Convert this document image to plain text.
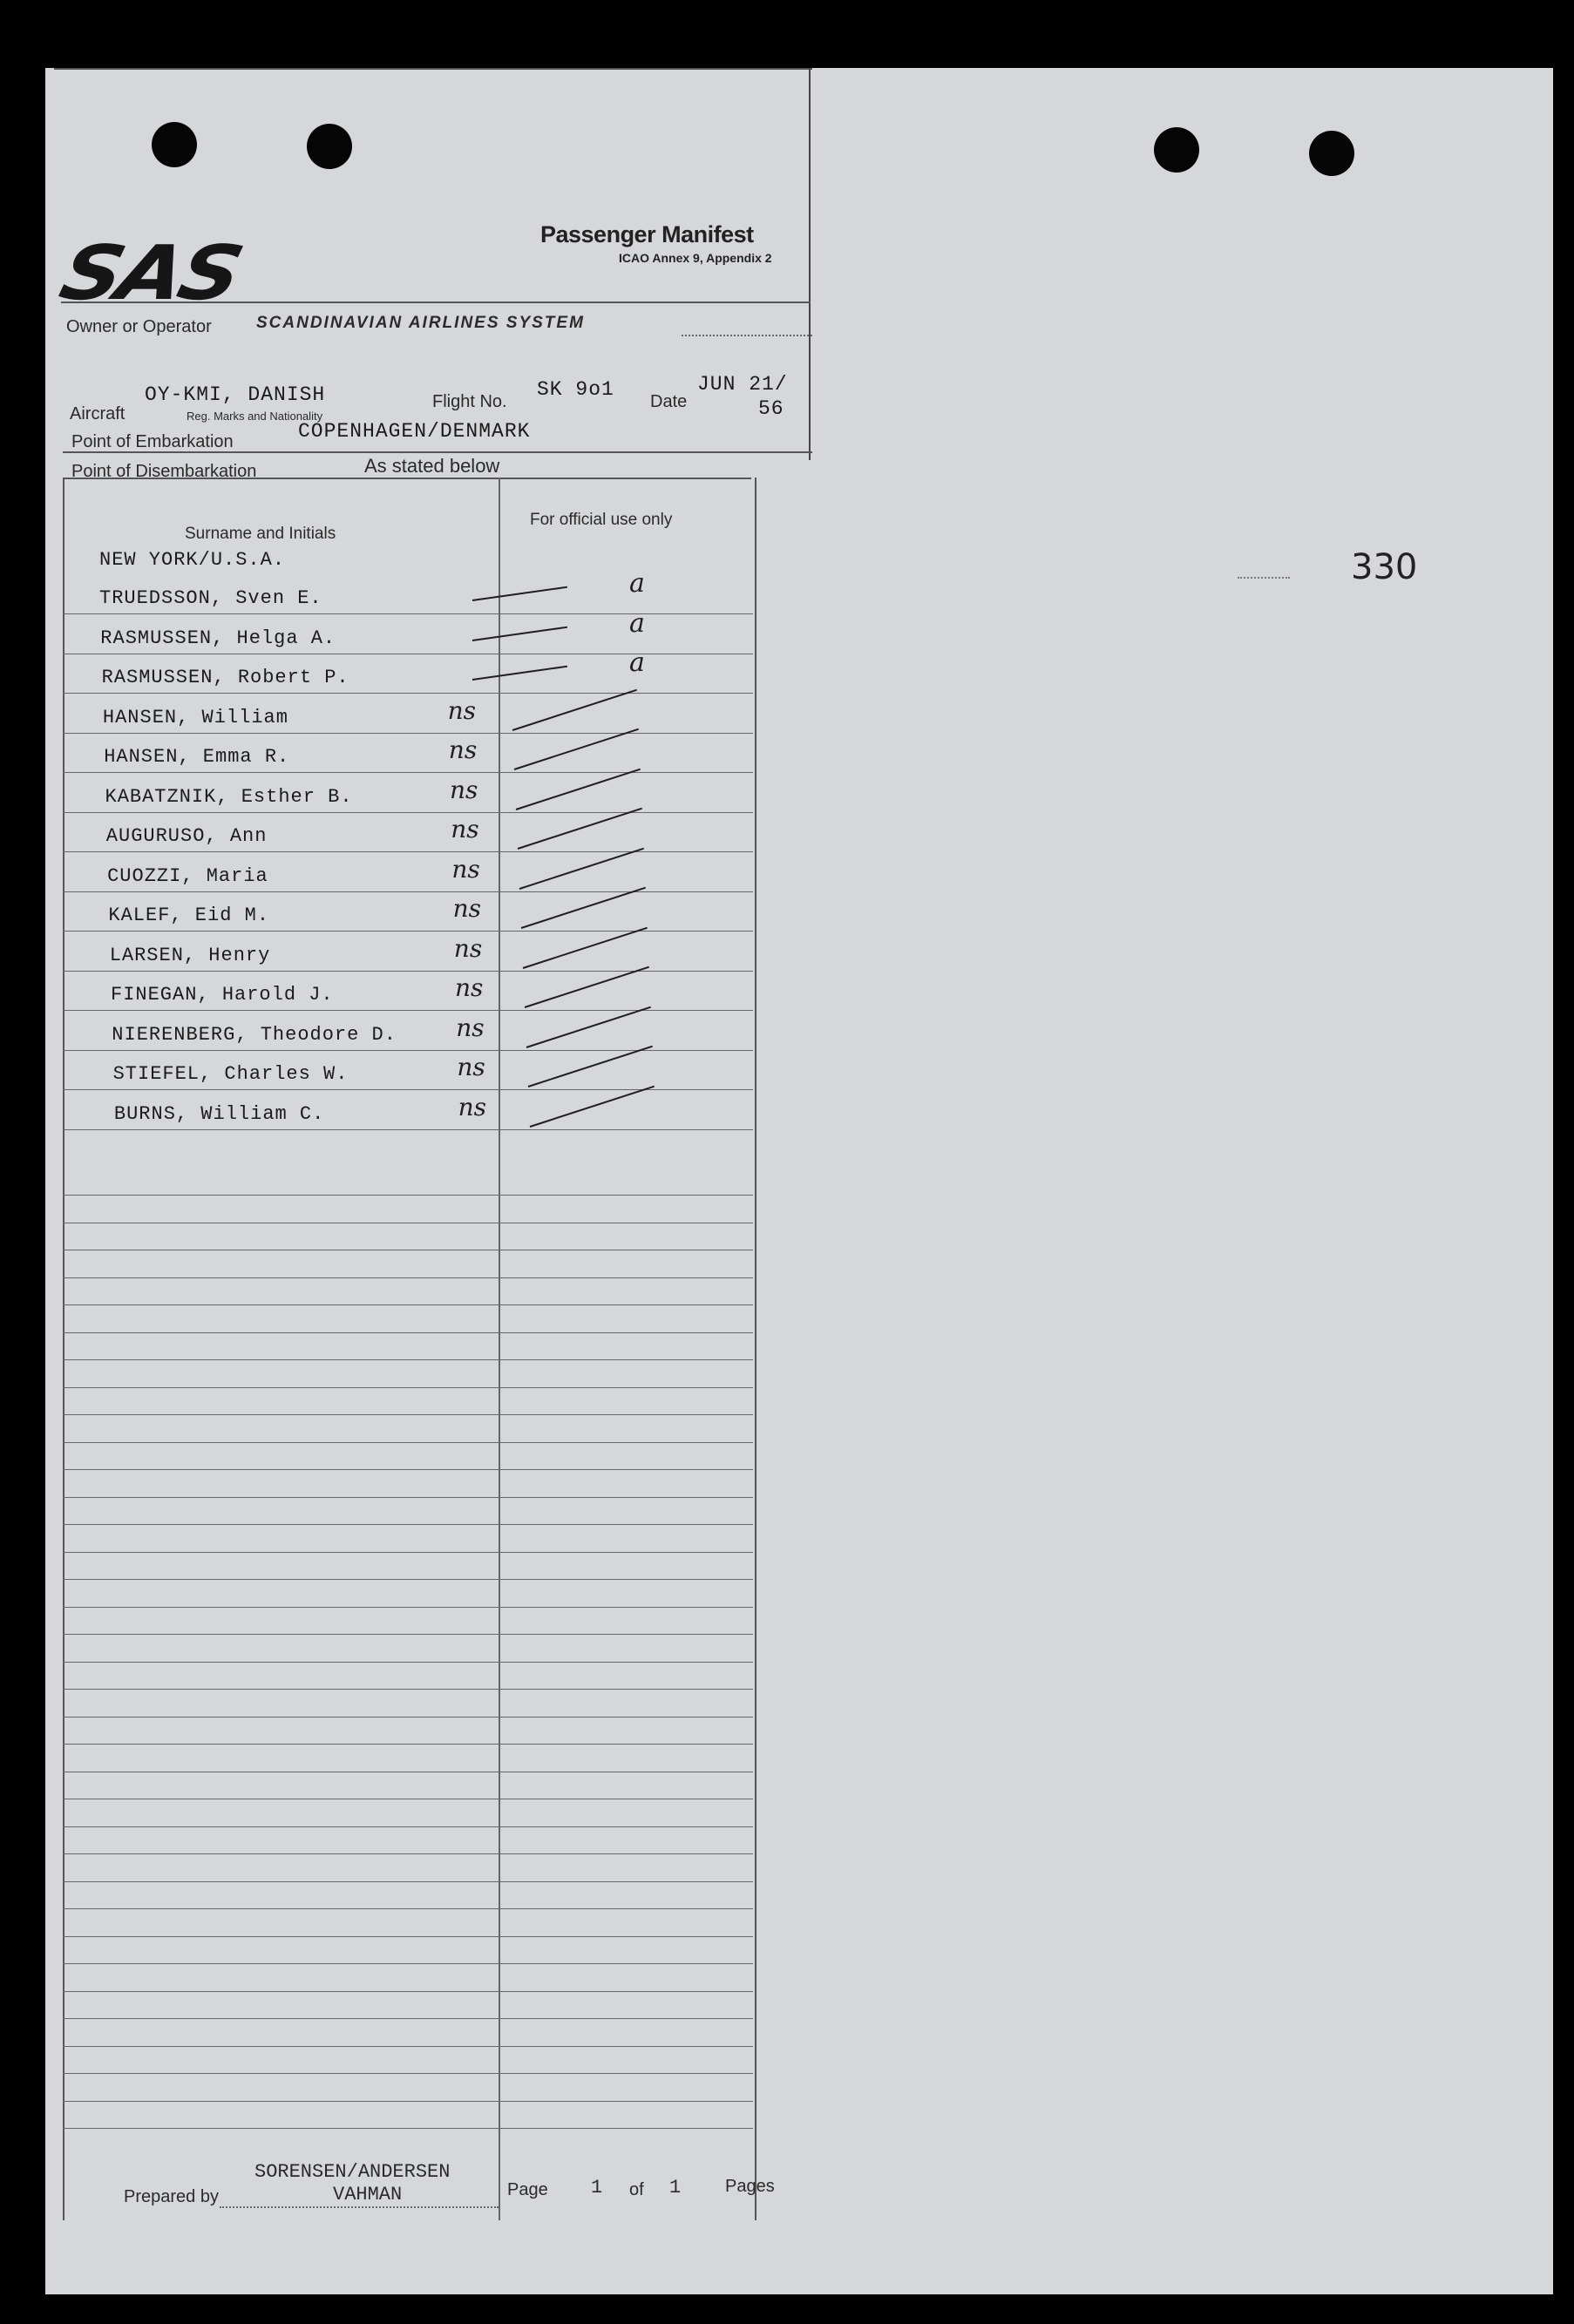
330
SAS	Passenger Manifest
ICAO Annex 9, Appendix 2
Owner or Operator	SCANDINAVIAN AIRLINES SYSTEM
Aircraft
OY-KMI, DANISH
Reg. Marks and Nationality
Flight No.
SK 9o1
Date
JUN 21/
56
Point of Embarkation	COPENHAGEN/DENMARK
Point of Disembarkation	As stated below
Surname and Initials
For official use only
NEW YORK/U.S.A.
TRUEDSSON, Sven E.	a
RASMUSSEN, Helga A.	a
RASMUSSEN, Robert P.	a
HANSEN, William	ns
HANSEN, Emma R.	ns
KABATZNIK, Esther B.	ns
AUGURUSO, Ann	ns
CUOZZI, Maria	ns
KALEF, Eid M.	ns
LARSEN, Henry	ns
FINEGAN, Harold J.	ns
NIERENBERG, Theodore D. ns
STIEFEL, Charles W.	ns
BURNS, William C.	ns
Prepared by
SORENSEN/ANDERSEN
VAHMAN	Page 1 of 1	Pages
